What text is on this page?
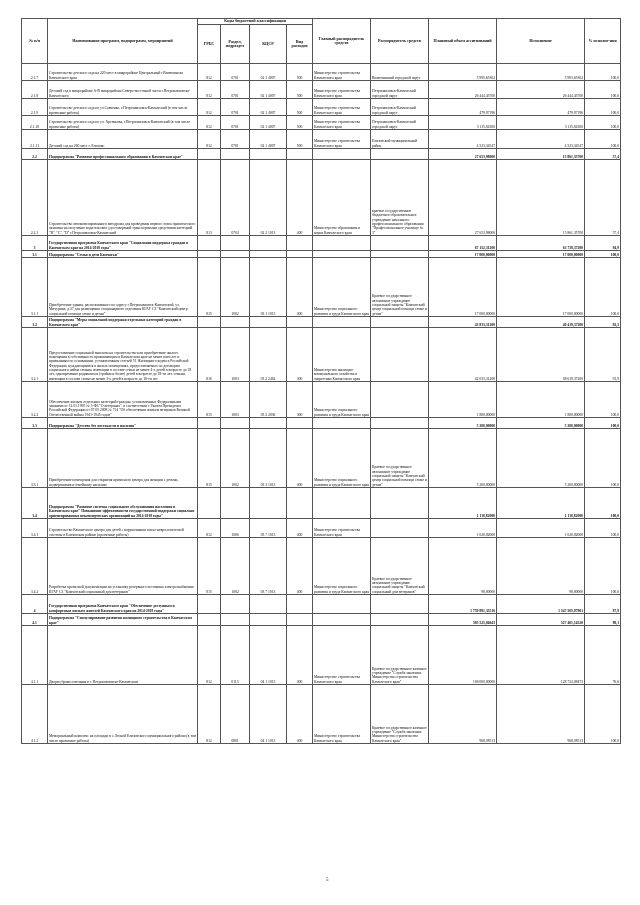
№ п/п	Наименование программ, подпрограмм, мероприятий	Коды бюджетной классификации				Главный распорядитель средств	Распорядитель средств	Плановый объем ассигнований	Исполнение	% исполне-ния
		ГРБС	Раздел, подраздел	КЦСР	Вид расходов					
2.1.7	Строительство детского сада на 220 мест в микрорайоне Центральный г.Вилючинска Камчатского края	812	0701	02 1 4007	500	Министерство строительства Камчатского края	Вилючинский городской округ	5 995,65302	5 993,65302	100,0
2.1.8	Детский сад в микрорайоне А-В микрорайона Северо-восточной части г.Петропавловска-Камчатского	812	0701	02 1 4007	500	Министерство строительства Камчатского края	Петропавловск-Камчатский городской округ	26 444,45700	26 444,45700	100,0
2.1.9	Строительство детского сада по ул.Савченко, г.Петропавловск-Камчатский (в том числе проектные работы)	812	0701	02 1 4007	500	Министерство строительства Камчатского края	Петропавловск-Камчатский городской округ	479,97196	479,97196	100,0
2.1.10	Строительство детского сада по ул. Арсеньева, г.Петропавловск-Камчатский (в том числе проектные работы)	812	0701	02 1 4007	500	Министерство строительства Камчатского края	Петропавловск-Камчатский городской округ	3 115,84300	3 115,84300	100,0
2.1.11	Детский сад на 260 мест г. Елизово	812	0701	02 1 4007	500	Министерство строительства Камчатского края	Елизовский муниципальный район	4 523,34547	4 523,34547	100,0
2.2	Подпрограмма "Развитие профессионального образования в Камчатском крае"							27 653,98000	15 861,35700	57,4
2.2.1	Строительство автоматизированного автодрома для проведения первого этапа практического экзамена на получение водительских удостоверений транспортными средствами категорий "В", "С", "D" г.Петропавловск-Камчатский	813	0704	02 2 1013	400	Министерство образования и науки Камчатского края	краевое государственное бюджетное образовательное учреждение начального профессионального образования "Профессиональное училище № 3"	27 653,98000	15 861,35700	57,4
3	Государственная программа Камчатского края "Социальная поддержка граждан в Камчатском крае на 2014-2018 годы"							67 152,31200	63 738,37200	94,9
3.1	Подпрограмма "Семья и дети Камчатки"							17 000,00000	17 000,00000	100,0
3.1.1	Приобретение здания, расположенного по адресу г.Петропавловск-Камчатский, ул. Мичурина, д.37 для размещения стационарного отделения КГАУ СЗ "Камчатский центр социальной помощи семье и детям"	815	1002	03 1 1013	400	Министерство социального развития и труда Камчатского края	Краевое государственное автономное учреждение социальной защиты "Камчатский центр социальной помощи семье и детям"	17 000,00000	17 000,00000	100,0
3.2	Подпрограмма "Меры социальной поддержки отдельных категорий граждан в Камчатском крае"							43 833,31200	40 419,37200	92,2
3.2.1	Предоставление социальной выплаты на строительство или приобретение жилого помещения в собственность проживающим в Камчатском крае не менее пяти лет и признанным по основаниям, установленным статьей 51 Жилищного кодекса Российской Федерации, нуждающимися в жилых помещениях, предоставляемых по договорам социального найма семьям, имеющим в составе семьи не менее 4-х детей в возрасте до 18 лет, одновременно родившихся (тройни и более) детей в возрасте до 18-ти лет, семьям, имеющим в составе семьи не менее 3-х детей в возрасте до 18-ти лет	816	1003	03 2 2462	300	Министерство жилищно-коммунального хозяйства и энергетики Камчатского края		42 033,31200	38 619,37200	91,9
3.2.2	Обеспечение жильем отдельных категорий граждан, установленных Федеральными законами от 12.01.1995 № 5-ФЗ "О ветеранах", в соответствии с Указом Президента Российской Федерации от 07.05.2008 № 714 "Об обеспечении жильем ветеранов Великой Отечественной войны 1941-1945 годов"	815	1003	03 2 2036	300	Министерство социального развития и труда Камчатского края		1 800,00000	1 800,00000	100,0
3.3	Подпрограмма "Детство без жестокости и насилия"							5 200,00000	5 200,00000	100,0
3.3.1	Приобретение помещения для открытия кризисного центра для женщин с детьми, подвергшимися семейному насилию	815	1002	03 3 1013	400	Министерство социального развития и труда Камчатского края	Краевое государственное автономное учреждение социальной защиты "Камчатский центр социальной помощи семье и детям"	5 200,00000	5 200,00000	100,0
3.4	Подпрограмма "Развитие системы социального обслуживания населения в Камчатском крае" Повышение эффективности государственной поддержки социально ориентированных некоммерческих организаций на 2014-2018 годы"							1 118,82000	1 118,82000	100,0
3.4.1	Строительство Камчатского центра для детей с нарушениями психо-неврологической системы в Елизовском районе (проектные работы)	812	1006	03 7 1013	400	Министерство строительства Камчатского края		1 020,82000	1 020,82000	100,0
3.4.2	Разработка проектной документации на установку резервного источника электроснабжения КГАУ СЗ "Камчатский социальный дом ветеранов"	815	1002	03 7 1013	400	Министерство социального развития и труда Камчатского края	Краевое государственное автономное учреждение социальной защиты "Камчатский социальный дом ветеранов"	98,00000	98,00000	100,0
4	Государственная программа Камчатского края "Обеспечение доступным и комфортным жильем жителей Камчатского края на 2014-2018 годы"							1 759 891,35516	1 547 505,07901	87,9
4.1	Подпрограмма "Стимулирование развития жилищного строительства в Камчатском крае"							585 525,84643	527 401,14520	90,1
4.1.1	Дворец бракосочетания в г. Петропавловске-Камчатском	812	0113	04 1 1013	400	Министерство строительства Камчатского края	Краевое государственное казенное учреждение "Служба заказчика Министерства строительства Камчатского края"	168 000,00000	128 724,08473	76,6
4.1.2	Мемориальный комплекс на площади в с.Лесной Елизовского муниципального района (в том числе проектные работы)	812	0801	04 1 1013	400	Министерство строительства Камчатского края	Краевое государственное казенное учреждение "Служба заказчика Министерства строительства Камчатского края"	968,58513	968,58513	100,0
5
